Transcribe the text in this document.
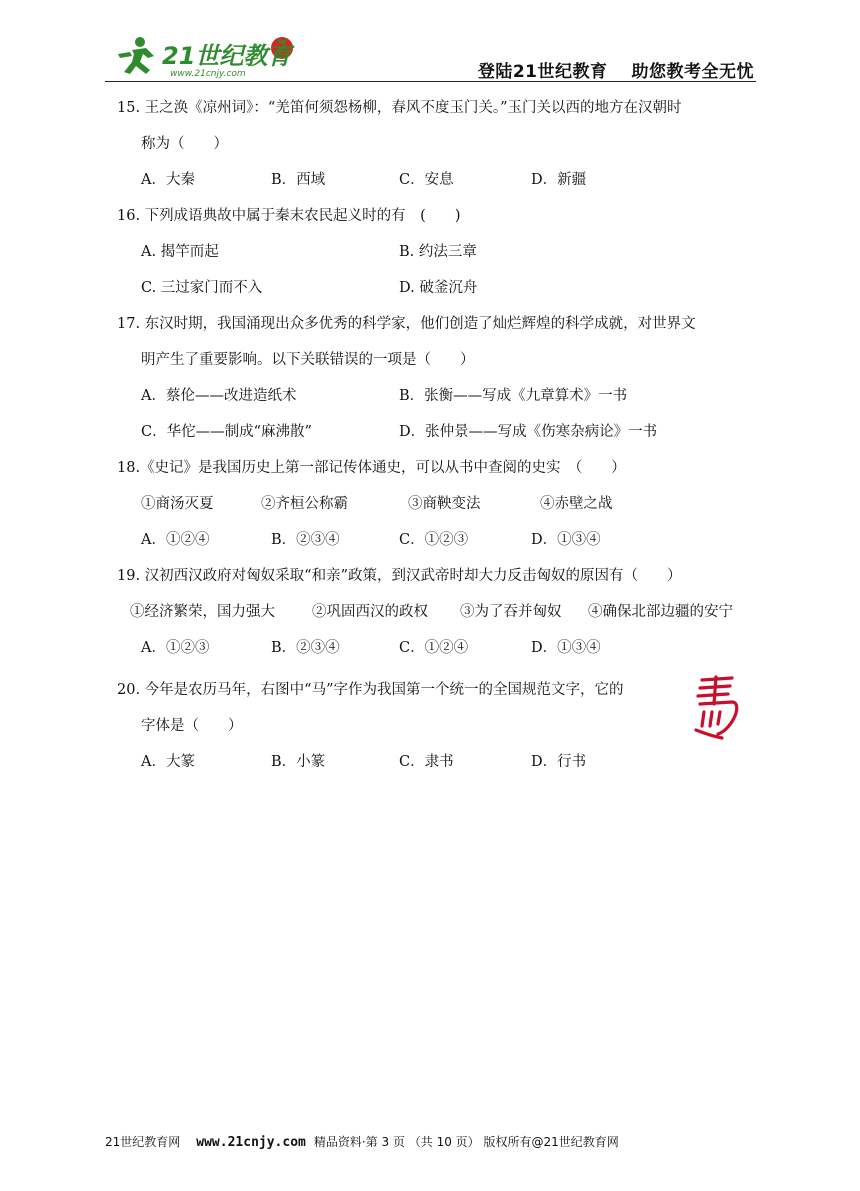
21世纪教育
www.21cnjy.com	登陆21世纪教育 助您教考全无忧
15. 王之涣《凉州词》：“羌笛何须怨杨柳，春风不度玉门关。”玉门关以西的地方在汉朝时
称为（　　）
A．大秦	B．西域	C．安息	D．新疆
16. 下列成语典故中属于秦末农民起义时的有　(　　)
A. 揭竿而起	B. 约法三章
C. 三过家门而不入	D. 破釜沉舟
17. 东汉时期，我国涌现出众多优秀的科学家，他们创造了灿烂辉煌的科学成就，对世界文
明产生了重要影响。以下关联错误的一项是（　　）
A．蔡伦——改进造纸术	B．张衡——写成《九章算术》一书
C．华佗——制成“麻沸散”	D．张仲景——写成《伤寒杂病论》一书
18.《史记》是我国历史上第一部记传体通史，可以从书中查阅的史实　（　　）
①商汤灭夏	②齐桓公称霸	③商鞅变法	④赤壁之战
A．①②④	B．②③④	C．①②③	D．①③④
19. 汉初西汉政府对匈奴采取“和亲”政策，到汉武帝时却大力反击匈奴的原因有（　　）
①经济繁荣，国力强大	②巩固西汉的政权 ③为了吞并匈奴 ④确保北部边疆的安宁
A．①②③	B．②③④	C．①②④	D．①③④
20. 今年是农历马年，右图中“马”字作为我国第一个统一的全国规范文字，它的
字体是（　　）
A．大篆	B．小篆	C．隶书	D．行书
21世纪教育网 www.21cnjy.com 精品资料·第 3 页 （共 10 页） 版权所有@21世纪教育网
